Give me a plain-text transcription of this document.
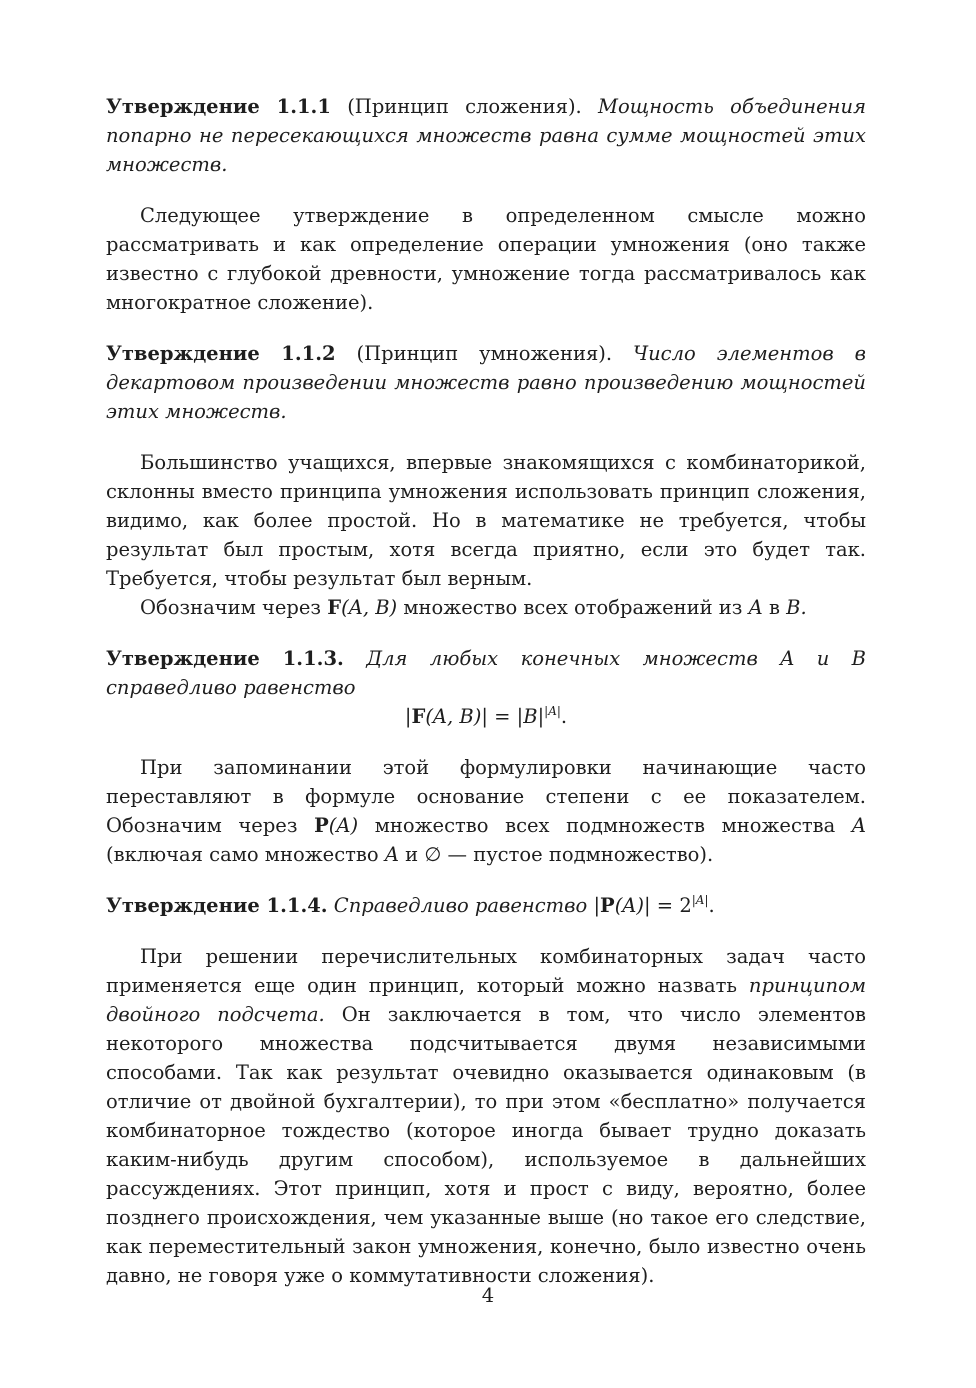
Утверждение 1.1.1 (Принцип сложения). Мощность объединения попарно не пересекающихся множеств равна сумме мощностей этих множеств.

Следующее утверждение в определенном смысле можно рассматривать и как определение операции умножения (оно также известно с глубокой древности, умножение тогда рассматривалось как многократное сложение).

Утверждение 1.1.2 (Принцип умножения). Число элементов в декартовом произведении множеств равно произведению мощностей этих множеств.

Большинство учащихся, впервые знакомящихся с комбинаторикой, склонны вместо принципа умножения использовать принцип сложения, видимо, как более простой. Но в математике не требуется, чтобы результат был простым, хотя всегда приятно, если это будет так. Требуется, чтобы результат был верным.

Обозначим через F(A, B) множество всех отображений из A в B.

Утверждение 1.1.3. Для любых конечных множеств A и B справедливо равенство

|F(A, $B)| = |B|^{|A|}$.

При запоминании этой формулировки начинающие часто переставляют в формуле основание степени с ее показателем. Обозначим через P(A) множество всех подмножеств множества A (включая само множество A и ∅ — пустое подмножество).

Утверждение 1.1.4. Справедливо равенство $|P(A)| = 2^{|A|}$.

При решении перечислительных комбинаторных задач часто применяется еще один принцип, который можно назвать принципом двойного подсчета. Он заключается в том, что число элементов некоторого множества подсчитывается двумя независимыми способами. Так как результат очевидно оказывается одинаковым (в отличие от двойной бухгалтерии), то при этом «бесплатно» получается комбинаторное тождество (которое иногда бывает трудно доказать каким-нибудь другим способом), используемое в дальнейших рассуждениях. Этот принцип, хотя и прост с виду, вероятно, более позднего происхождения, чем указанные выше (но такое его следствие, как переместительный закон умножения, конечно, было известно очень давно, не говоря уже о коммутативности сложения).

4
